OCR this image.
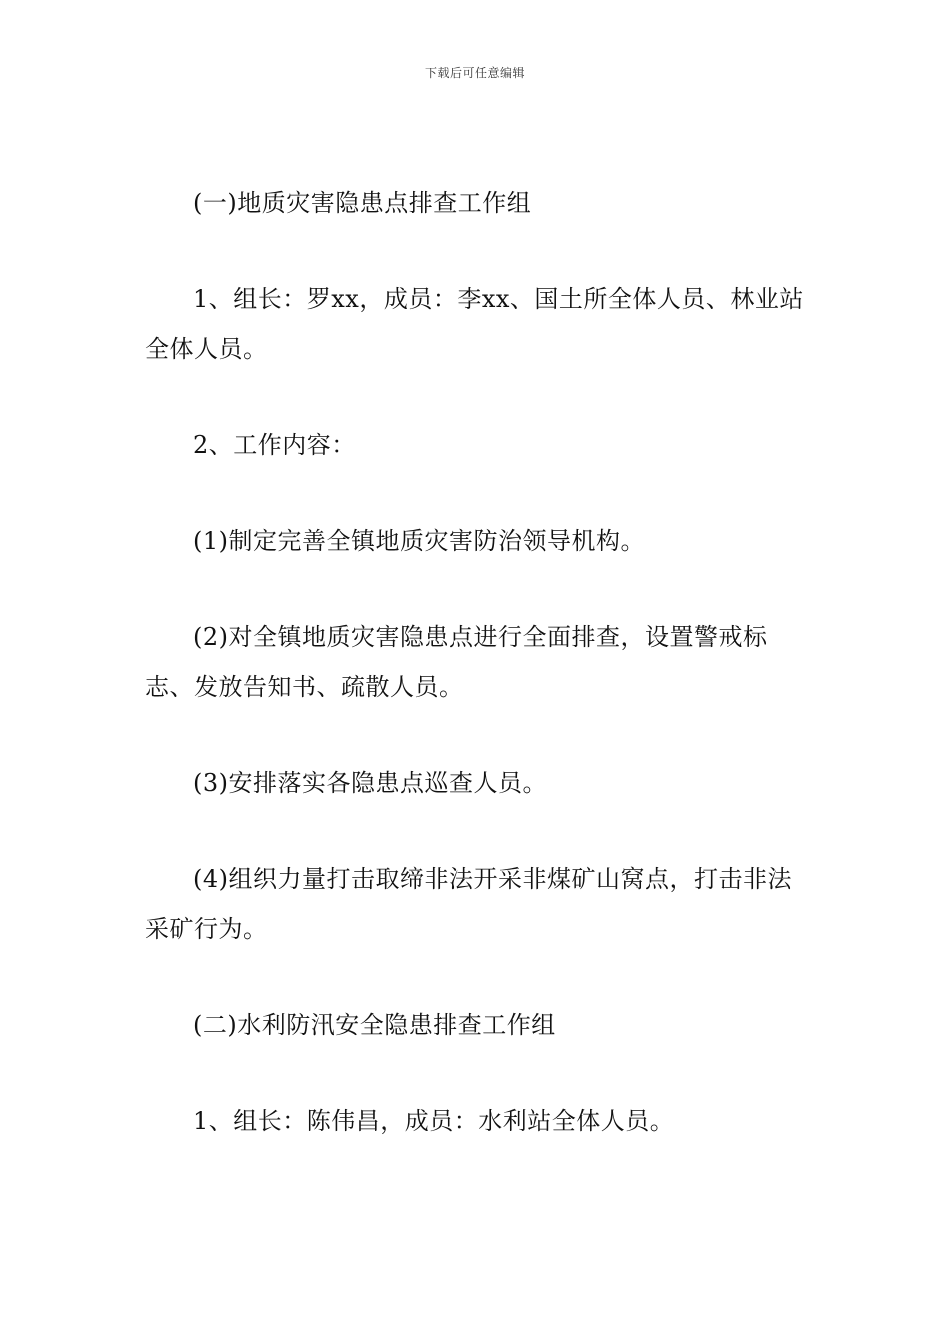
下载后可任意编辑

(一)地质灾害隐患点排查工作组

1、组长：罗xx，成员：李xx、国土所全体人员、林业站全体人员。

2、工作内容：

(1)制定完善全镇地质灾害防治领导机构。

(2)对全镇地质灾害隐患点进行全面排查，设置警戒标志、发放告知书、疏散人员。

(3)安排落实各隐患点巡查人员。

(4)组织力量打击取缔非法开采非煤矿山窝点，打击非法采矿行为。

(二)水利防汛安全隐患排查工作组

1、组长：陈伟昌，成员：水利站全体人员。
